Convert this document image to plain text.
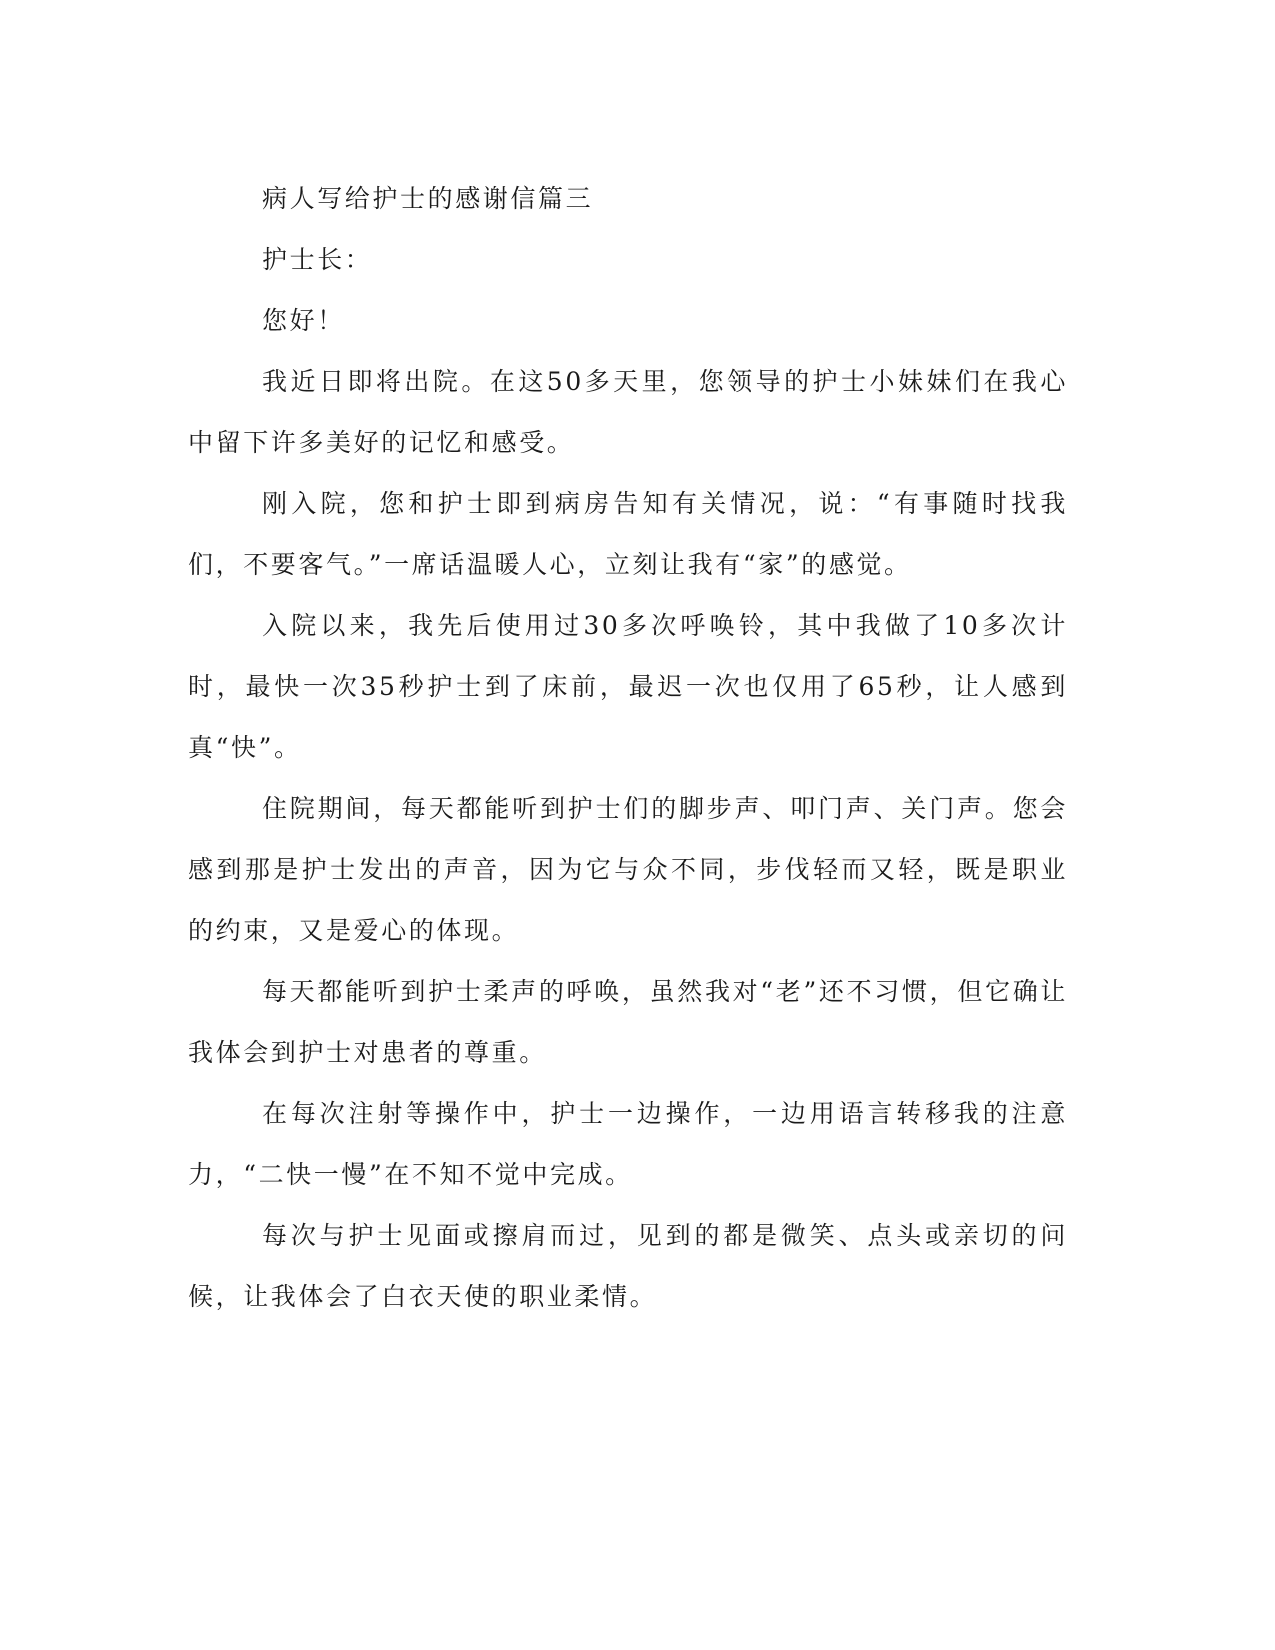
病人写给护士的感谢信篇三

护士长：

您好！

我近日即将出院。在这50多天里，您领导的护士小妹妹们在我心中留下许多美好的记忆和感受。

刚入院，您和护士即到病房告知有关情况，说：“有事随时找我们，不要客气。”一席话温暖人心，立刻让我有“家”的感觉。

入院以来，我先后使用过30多次呼唤铃，其中我做了10多次计时，最快一次35秒护士到了床前，最迟一次也仅用了65秒，让人感到真“快”。

住院期间，每天都能听到护士们的脚步声、叩门声、关门声。您会感到那是护士发出的声音，因为它与众不同，步伐轻而又轻，既是职业的约束，又是爱心的体现。

每天都能听到护士柔声的呼唤，虽然我对“老”还不习惯，但它确让我体会到护士对患者的尊重。

在每次注射等操作中，护士一边操作，一边用语言转移我的注意力，“二快一慢”在不知不觉中完成。

每次与护士见面或擦肩而过，见到的都是微笑、点头或亲切的问候，让我体会了白衣天使的职业柔情。
